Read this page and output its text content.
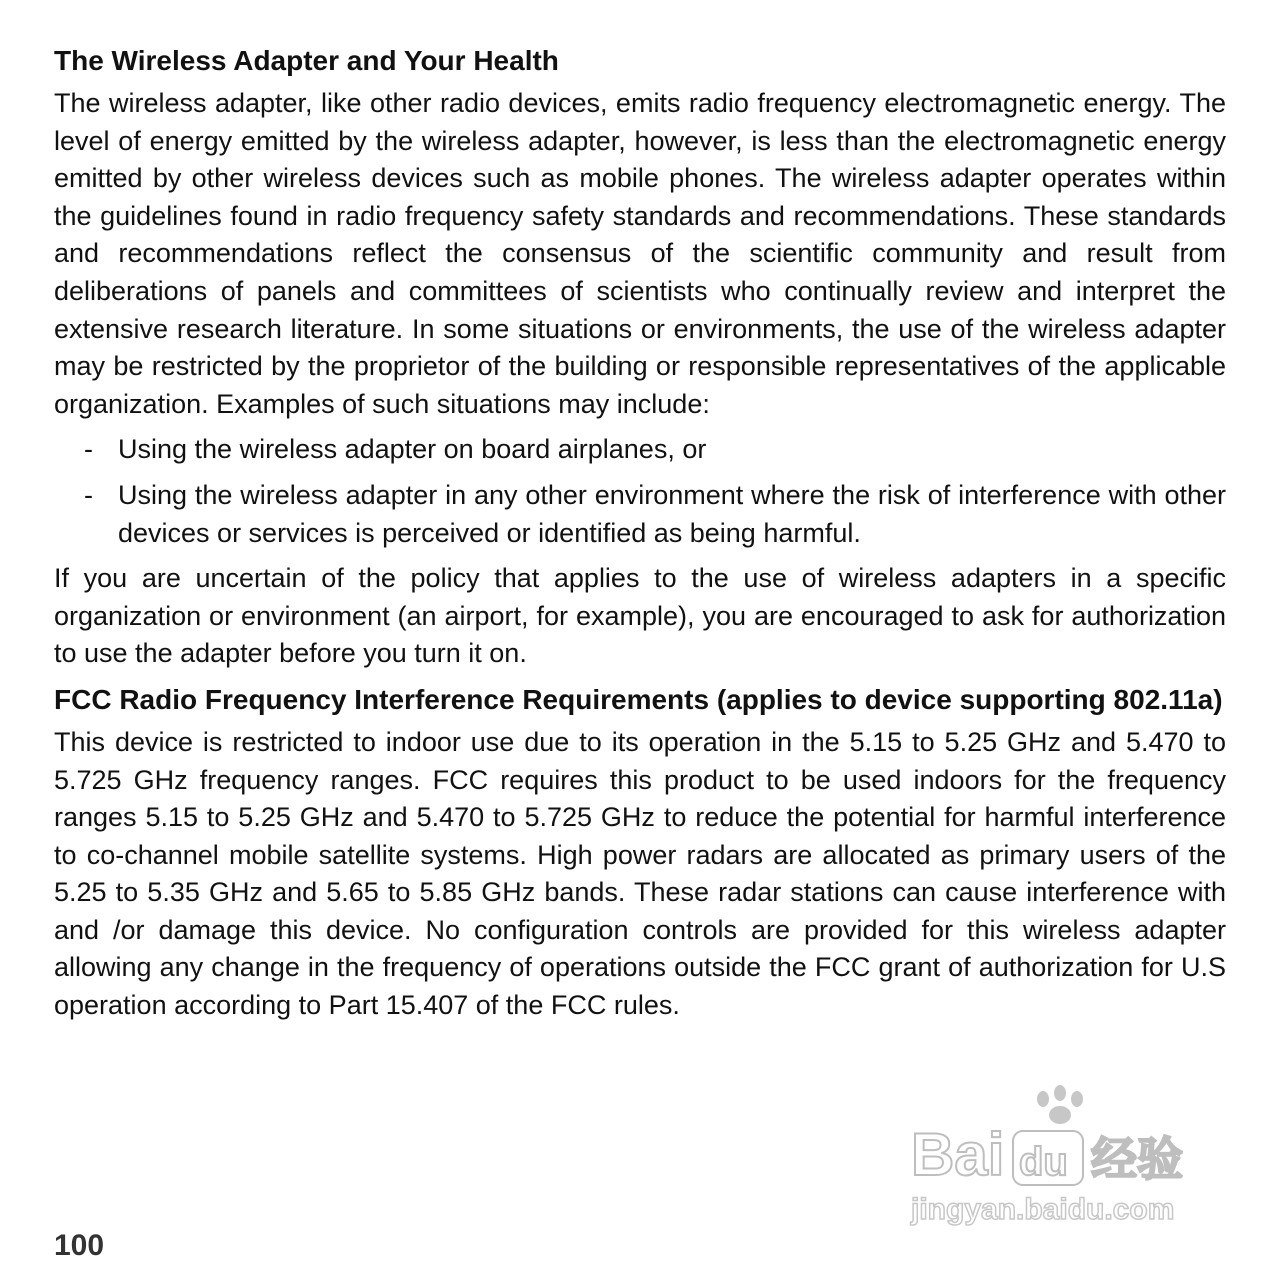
The Wireless Adapter and Your Health

The wireless adapter, like other radio devices, emits radio frequency electromagnetic energy. The level of energy emitted by the wireless adapter, however, is less than the electromagnetic energy emitted by other wireless devices such as mobile phones. The wireless adapter operates within the guidelines found in radio frequency safety standards and recommendations. These standards and recommendations reflect the consensus of the scientific community and result from deliberations of panels and committees of scientists who continually review and interpret the extensive research literature. In some situations or environments, the use of the wireless adapter may be restricted by the proprietor of the building or responsible representatives of the applicable organization. Examples of such situations may include:

- Using the wireless adapter on board airplanes, or
- Using the wireless adapter in any other environment where the risk of interference with other devices or services is perceived or identified as being harmful.

If you are uncertain of the policy that applies to the use of wireless adapters in a specific organization or environment (an airport, for example), you are encouraged to ask for authorization to use the adapter before you turn it on.

FCC Radio Frequency Interference Requirements (applies to device supporting 802.11a)

This device is restricted to indoor use due to its operation in the 5.15 to 5.25 GHz and 5.470 to 5.725 GHz frequency ranges. FCC requires this product to be used indoors for the frequency ranges 5.15 to 5.25 GHz and 5.470 to 5.725 GHz to reduce the potential for harmful interference to co-channel mobile satellite systems. High power radars are allocated as primary users of the 5.25 to 5.35 GHz and 5.65 to 5.85 GHz bands. These radar stations can cause interference with and /or damage this device. No configuration controls are provided for this wireless adapter allowing any change in the frequency of operations outside the FCC grant of authorization for U.S operation according to Part 15.407 of the FCC rules.

100
Bai du 经验
jingyan.baidu.com
